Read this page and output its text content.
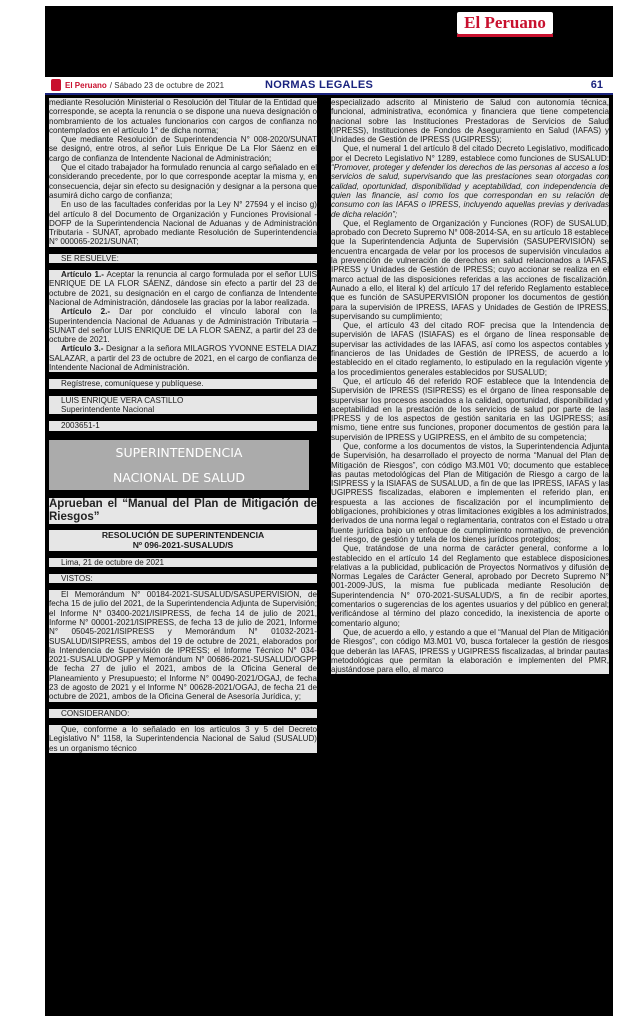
El Peruano
El Peruano / Sábado 23 de octubre de 2021	NORMAS LEGALES	61

mediante Resolución Ministerial o Resolución del Titular de la Entidad que corresponde, se acepta la renuncia o se dispone una nueva designación o nombramiento de los actuales funcionarios con cargos de confianza no contemplados en el artículo 1° de dicha norma;

Que mediante Resolución de Superintendencia N° 008-2020/SUNAT se designó, entre otros, al señor Luis Enrique De La Flor Sáenz en el cargo de confianza de Intendente Nacional de Administración;

Que el citado trabajador ha formulado renuncia al cargo señalado en el considerando precedente, por lo que corresponde aceptar la misma y, en consecuencia, dejar sin efecto su designación y designar a la persona que asumirá dicho cargo de confianza;

En uso de las facultades conferidas por la Ley N° 27594 y el inciso g) del artículo 8 del Documento de Organización y Funciones Provisional - DOFP de la Superintendencia Nacional de Aduanas y de Administración Tributaria - SUNAT, aprobado mediante Resolución de Superintendencia N° 000065-2021/SUNAT;

SE RESUELVE:

Artículo 1.- Aceptar la renuncia al cargo formulada por el señor LUIS ENRIQUE DE LA FLOR SÁENZ, dándose sin efecto a partir del 23 de octubre de 2021, su designación en el cargo de confianza de Intendente Nacional de Administración, dándosele las gracias por la labor realizada.

Artículo 2.- Dar por concluido el vínculo laboral con la Superintendencia Nacional de Aduanas y de Administración Tributaria – SUNAT del señor LUIS ENRIQUE DE LA FLOR SAENZ, a partir del 23 de octubre de 2021.

Artículo 3.- Designar a la señora MILAGROS YVONNE ESTELA DIAZ SALAZAR, a partir del 23 de octubre de 2021, en el cargo de confianza de Intendente Nacional de Administración.

Regístrese, comuníquese y publíquese.

LUIS ENRIQUE VERA CASTILLO

Superintendente Nacional

2003651-1

SUPERINTENDENCIA
NACIONAL DE SALUD
Aprueban el “Manual del Plan de Mitigación de Riesgos”
RESOLUCIÓN DE SUPERINTENDENCIA
Nº 096-2021-SUSALUD/S

Lima, 21 de octubre de 2021

VISTOS:

El Memorándum N° 00184-2021-SUSALUD/SASUPERVISION, de fecha 15 de julio del 2021, de la Superintendencia Adjunta de Supervisión; el Informe N° 03400-2021/ISIPRESS, de fecha 14 de julio de 2021, Informe N° 00001-2021/ISIPRESS, de fecha 13 de julio de 2021, Informe N° 05045-2021/ISIPRESS y Memorándum N° 01032-2021-SUSALUD/ISIPRESS, ambos del 19 de octubre de 2021, elaborados por la Intendencia de Supervisión de IPRESS; el Informe Técnico N° 034-2021-SUSALUD/OGPP y Memorándum N° 00686-2021-SUSALUD/OGPP de fecha 27 de julio el 2021, ambos de la Oficina General de Planeamiento y Presupuesto; el Informe N° 00490-2021/OGAJ, de fecha 23 de agosto de 2021 y el Informe N° 00628-2021/OGAJ, de fecha 21 de octubre de 2021, ambos de la Oficina General de Asesoría Jurídica, y;

CONSIDERANDO:

Que, conforme a lo señalado en los artículos 3 y 5 del Decreto Legislativo N° 1158, la Superintendencia Nacional de Salud (SUSALUD) es un organismo técnico

especializado adscrito al Ministerio de Salud con autonomía técnica, funcional, administrativa, económica y financiera que tiene competencia nacional sobre las Instituciones Prestadoras de Servicios de Salud (IPRESS), Instituciones de Fondos de Aseguramiento en Salud (IAFAS) y Unidades de Gestión de IPRESS (UGIPRESS);

Que, el numeral 1 del artículo 8 del citado Decreto Legislativo, modificado por el Decreto Legislativo N° 1289, establece como funciones de SUSALUD: “Promover, proteger y defender los derechos de las personas al acceso a los servicios de salud, supervisando que las prestaciones sean otorgadas con calidad, oportunidad, disponibilidad y aceptabilidad, con independencia de quien las financie, así como los que correspondan en su relación de consumo con las IAFAS o IPRESS, incluyendo aquellas previas y derivadas de dicha relación”;

Que, el Reglamento de Organización y Funciones (ROF) de SUSALUD, aprobado con Decreto Supremo N° 008-2014-SA, en su artículo 18 establece que la Superintendencia Adjunta de Supervisión (SASUPERVISIÓN) se encuentra encargada de velar por los procesos de supervisión vinculados a la prevención de vulneración de derechos en salud relacionados a IAFAS, IPRESS y Unidades de Gestión de IPRESS; cuyo accionar se realiza en el marco actual de las disposiciones referidas a las acciones de fiscalización. Aunado a ello, el literal k) del artículo 17 del referido Reglamento establece que es función de SASUPERVISIÓN proponer los documentos de gestión para la supervisión de IPRESS, IAFAS y Unidades de Gestión de IPRESS, supervisando su cumplimiento;

Que, el artículo 43 del citado ROF precisa que la Intendencia de supervisión de IAFAS (ISIAFAS) es el órgano de línea responsable de supervisar las actividades de las IAFAS, así como los aspectos contables y financieros de las Unidades de Gestión de IPRESS, de acuerdo a lo establecido en el citado reglamento, lo estipulado en la regulación vigente y a los procedimientos generales establecidos por SUSALUD;

Que, el artículo 46 del referido ROF establece que la Intendencia de Supervisión de IPRESS (ISIPRESS) es el órgano de línea responsable de supervisar los procesos asociados a la calidad, oportunidad, disponibilidad y aceptabilidad en la prestación de los servicios de salud por parte de las IPRESS y de los aspectos de gestión sanitaria en las UGIPRESS; así mismo, tiene entre sus funciones, proponer documentos de gestión para la supervisión de IPRESS y UGIPRESS, en el ámbito de su competencia;

Que, conforme a los documentos de vistos, la Superintendencia Adjunta de Supervisión, ha desarrollado el proyecto de norma “Manual del Plan de Mitigación de Riesgos”, con código M3.M01 V0; documento que establece las pautas metodológicas del Plan de Mitigación de Riesgo a cargo de la ISIPRESS y la ISIAFAS de SUSALUD, a fin de que las IPRESS, IAFAS y las UGIPRESS fiscalizadas, elaboren e implementen el referido plan, en respuesta a las acciones de fiscalización por el incumplimiento de obligaciones, prohibiciones y otras limitaciones exigibles a los administrados, derivados de una norma legal o reglamentaria, contratos con el Estado u otra fuente jurídica bajo un enfoque de cumplimiento normativo, de prevención del riesgo, de gestión y tutela de los bienes jurídicos protegidos;

Que, tratándose de una norma de carácter general, conforme a lo establecido en el artículo 14 del Reglamento que establece disposiciones relativas a la publicidad, publicación de Proyectos Normativos y difusión de Normas Legales de Carácter General, aprobado por Decreto Supremo N° 001-2009-JUS, la misma fue publicada mediante Resolución de Superintendencia N° 070-2021-SUSALUD/S, a fin de recibir aportes, comentarios o sugerencias de los agentes usuarios y del público en general; verificándose al término del plazo concedido, la inexistencia de aporte o comentario alguno;

Que, de acuerdo a ello, y estando a que el “Manual del Plan de Mitigación de Riesgos”, con código M3.M01 V0, busca fortalecer la gestión de riesgos que deberán las IAFAS, IPRESS y UGIPRESS fiscalizadas, al brindar pautas metodológicas que permitan la elaboración e implementen del PMR, ajustándose para ello, al marco
